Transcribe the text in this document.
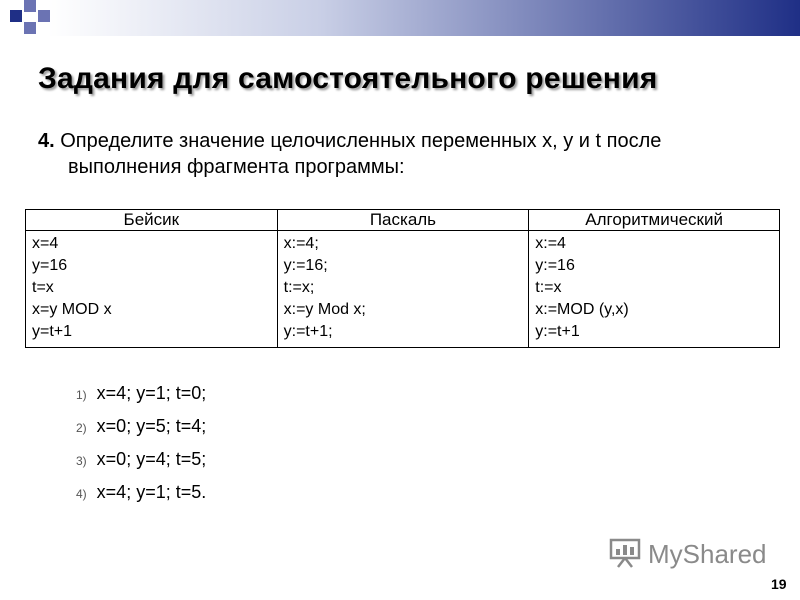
Задания для самостоятельного решения
4. Определите значение целочисленных переменных x, y и t после
выполнения фрагмента программы:
Бейсик	Паскаль	Алгоритмический

x=4
y=16
t=x
x=y MOD x
y=t+1	x:=4;
y:=16;
t:=x;
x:=y Mod x;
y:=t+1;	x:=4
y:=16
t:=x
x:=MOD (y,x)
y:=t+1
1) x=4; y=1; t=0;
2) x=0; y=5; t=4;
3) x=0; y=4; t=5;
4) x=4; y=1; t=5.
MyShared
19
